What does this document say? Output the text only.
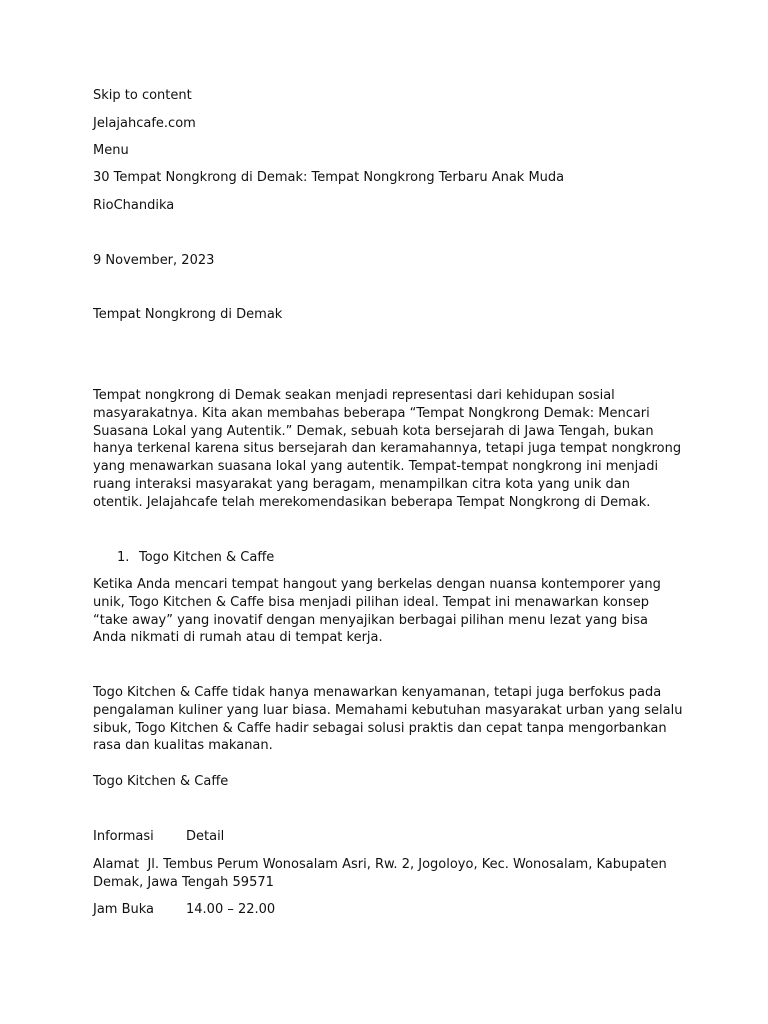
Skip to content
Jelajahcafe.com
Menu
30 Tempat Nongkrong di Demak: Tempat Nongkrong Terbaru Anak Muda
RioChandika
9 November, 2023
Tempat Nongkrong di Demak
Tempat nongkrong di Demak seakan menjadi representasi dari kehidupan sosial masyarakatnya. Kita akan membahas beberapa “Tempat Nongkrong Demak: Mencari Suasana Lokal yang Autentik.” Demak, sebuah kota bersejarah di Jawa Tengah, bukan hanya terkenal karena situs bersejarah dan keramahannya, tetapi juga tempat nongkrong yang menawarkan suasana lokal yang autentik. Tempat-tempat nongkrong ini menjadi ruang interaksi masyarakat yang beragam, menampilkan citra kota yang unik dan otentik. Jelajahcafe telah merekomendasikan beberapa Tempat Nongkrong di Demak.
1. Togo Kitchen & Caffe
Ketika Anda mencari tempat hangout yang berkelas dengan nuansa kontemporer yang unik, Togo Kitchen & Caffe bisa menjadi pilihan ideal. Tempat ini menawarkan konsep “take away” yang inovatif dengan menyajikan berbagai pilihan menu lezat yang bisa Anda nikmati di rumah atau di tempat kerja.
Togo Kitchen & Caffe tidak hanya menawarkan kenyamanan, tetapi juga berfokus pada pengalaman kuliner yang luar biasa. Memahami kebutuhan masyarakat urban yang selalu sibuk, Togo Kitchen & Caffe hadir sebagai solusi praktis dan cepat tanpa mengorbankan rasa dan kualitas makanan.
Togo Kitchen & Caffe
Informasi Detail
Alamat Jl. Tembus Perum Wonosalam Asri, Rw. 2, Jogoloyo, Kec. Wonosalam, Kabupaten Demak, Jawa Tengah 59571
Jam Buka 14.00 – 22.00
